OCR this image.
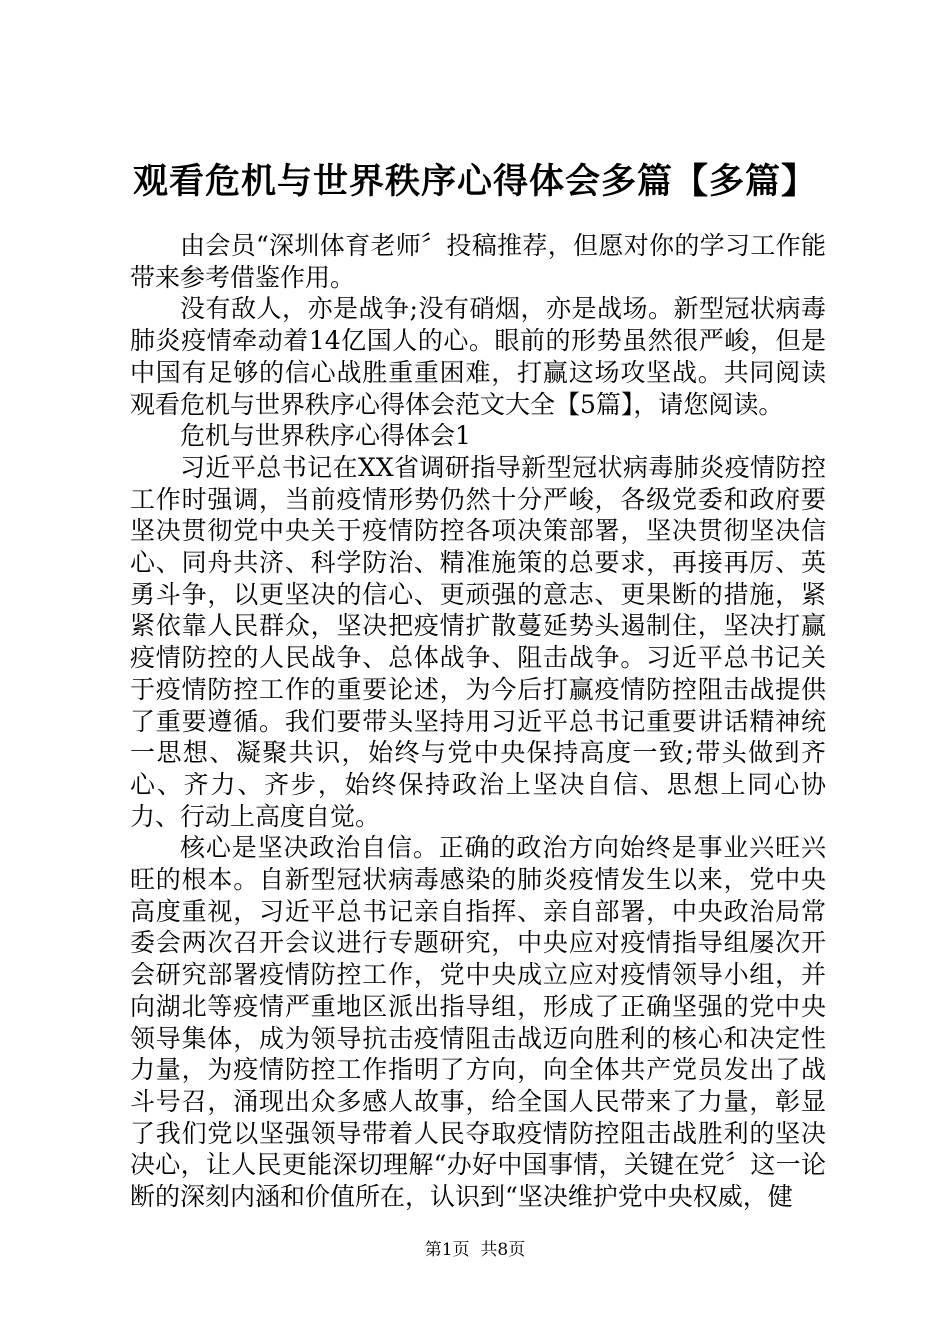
观看危机与世界秩序心得体会多篇【多篇】

由会员“深圳体育老师〞投稿推荐，但愿对你的学习工作能带来参考借鉴作用。

没有敌人，亦是战争;没有硝烟，亦是战场。新型冠状病毒肺炎疫情牵动着14亿国人的心。眼前的形势虽然很严峻，但是中国有足够的信心战胜重重困难，打赢这场攻坚战。共同阅读观看危机与世界秩序心得体会范文大全【5篇】，请您阅读。

危机与世界秩序心得体会1

习近平总书记在XX省调研指导新型冠状病毒肺炎疫情防控工作时强调，当前疫情形势仍然十分严峻，各级党委和政府要坚决贯彻党中央关于疫情防控各项决策部署，坚决贯彻坚决信心、同舟共济、科学防治、精准施策的总要求，再接再厉、英勇斗争，以更坚决的信心、更顽强的意志、更果断的措施，紧紧依靠人民群众，坚决把疫情扩散蔓延势头遏制住，坚决打赢疫情防控的人民战争、总体战争、阻击战争。习近平总书记关于疫情防控工作的重要论述，为今后打赢疫情防控阻击战提供了重要遵循。我们要带头坚持用习近平总书记重要讲话精神统一思想、凝聚共识，始终与党中央保持高度一致;带头做到齐心、齐力、齐步，始终保持政治上坚决自信、思想上同心协力、行动上高度自觉。

核心是坚决政治自信。正确的政治方向始终是事业兴旺兴旺的根本。自新型冠状病毒感染的肺炎疫情发生以来，党中央高度重视，习近平总书记亲自指挥、亲自部署，中央政治局常委会两次召开会议进行专题研究，中央应对疫情指导组屡次开会研究部署疫情防控工作，党中央成立应对疫情领导小组，并向湖北等疫情严重地区派出指导组，形成了正确坚强的党中央领导集体，成为领导抗击疫情阻击战迈向胜利的核心和决定性力量，为疫情防控工作指明了方向，向全体共产党员发出了战斗号召，涌现出众多感人故事，给全国人民带来了力量，彰显了我们党以坚强领导带着人民夺取疫情防控阻击战胜利的坚决决心，让人民更能深切理解“办好中国事情，关键在党〞这一论断的深刻内涵和价值所在，认识到“坚决维护党中央权威，健

第1页  共8页
